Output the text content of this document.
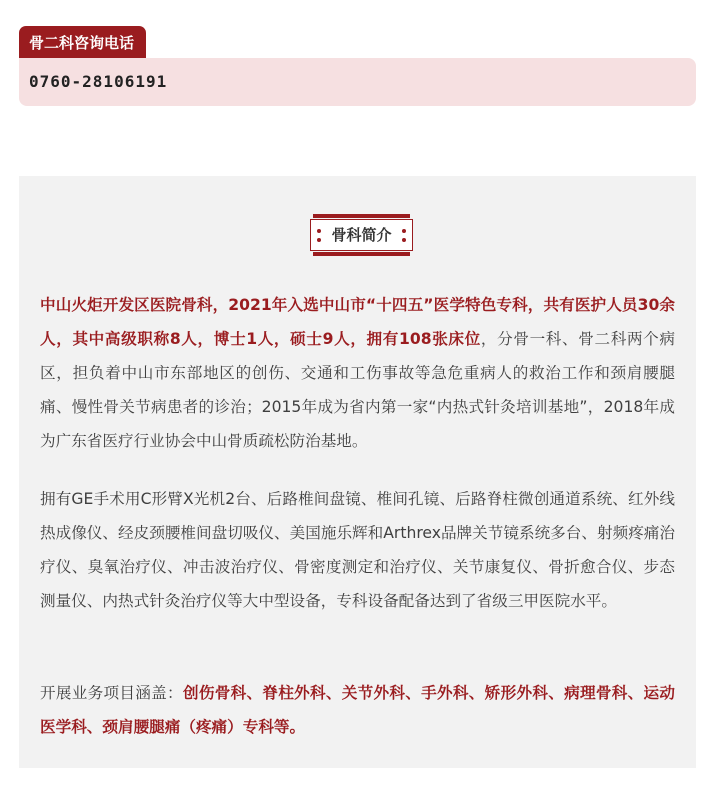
骨二科咨询电话
0760-28106191
骨科简介

中山火炬开发区医院骨科，2021年入选中山市“十四五”医学特色专科，共有医护人员30余人，其中高级职称8人，博士1人，硕士9人，拥有108张床位，分骨一科、骨二科两个病区，担负着中山市东部地区的创伤、交通和工伤事故等急危重病人的救治工作和颈肩腰腿痛、慢性骨关节病患者的诊治；2015年成为省内第一家“内热式针灸培训基地”，2018年成为广东省医疗行业协会中山骨质疏松防治基地。

拥有GE手术用C形臂X光机2台、后路椎间盘镜、椎间孔镜、后路脊柱微创通道系统、红外线热成像仪、经皮颈腰椎间盘切吸仪、美国施乐辉和Arthrex品牌关节镜系统多台、射频疼痛治疗仪、臭氧治疗仪、冲击波治疗仪、骨密度测定和治疗仪、关节康复仪、骨折愈合仪、步态测量仪、内热式针灸治疗仪等大中型设备，专科设备配备达到了省级三甲医院水平。

开展业务项目涵盖：创伤骨科、脊柱外科、关节外科、手外科、矫形外科、病理骨科、运动医学科、颈肩腰腿痛（疼痛）专科等。
